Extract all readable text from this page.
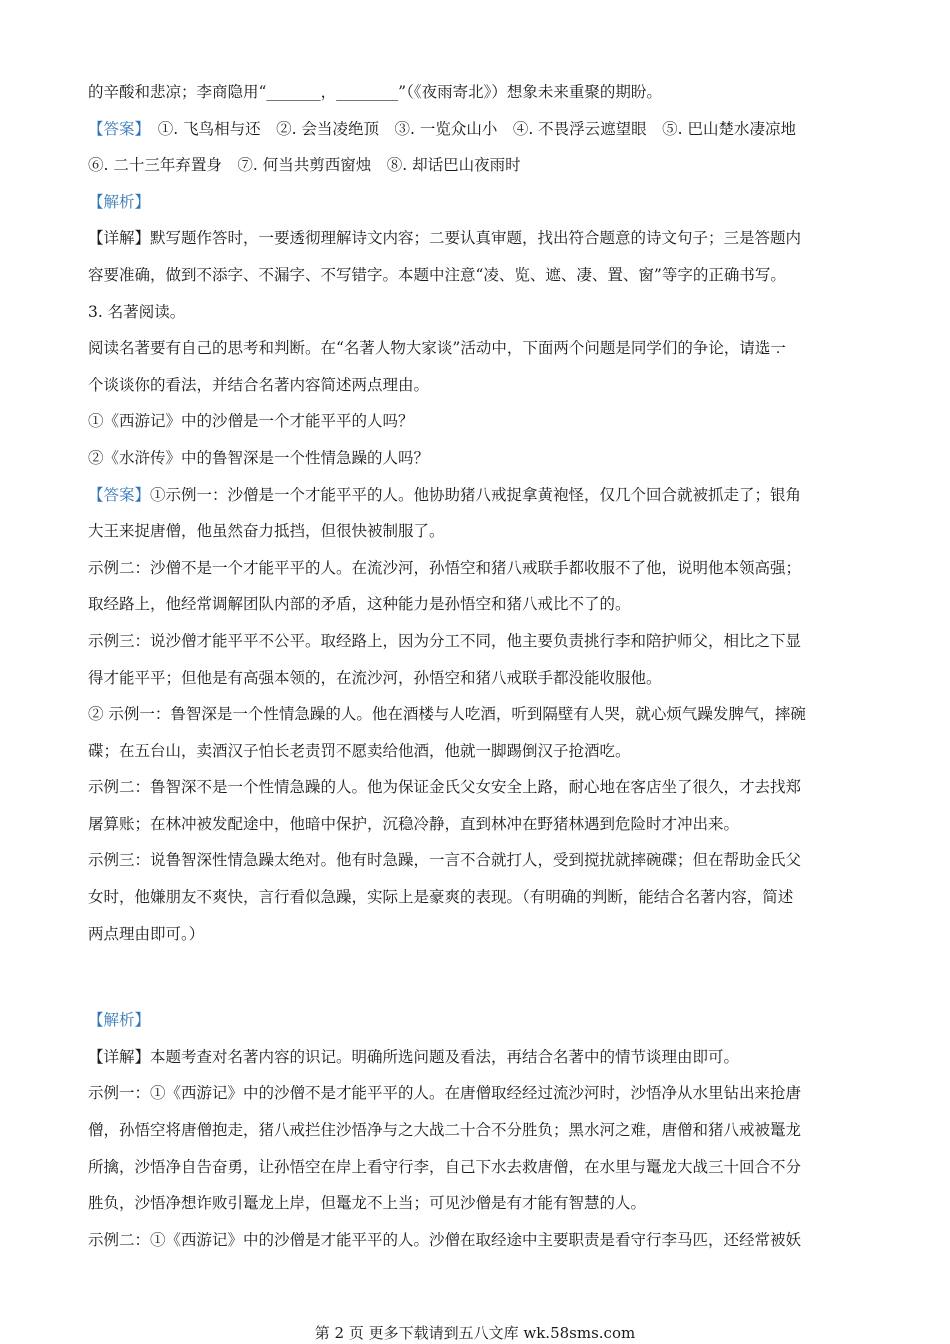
的辛酸和悲凉；李商隐用“_______，________”（《夜雨寄北》）想象未来重聚的期盼。
【答案】　①. 飞鸟相与还　②. 会当凌绝顶　③. 一览众山小　④. 不畏浮云遮望眼　⑤. 巴山楚水凄凉地
⑥. 二十三年弃置身　⑦. 何当共剪西窗烛　⑧. 却话巴山夜雨时
【解析】
【详解】默写题作答时，一要透彻理解诗文内容；二要认真审题，找出符合题意的诗文句子；三是答题内
容要准确，做到不添字、不漏字、不写错字。本题中注意“凌、览、遮、凄、置、窗”等字的正确书写。
3. 名著阅读。
阅读名著要有自己的思考和判断。在“名著人物大家谈”活动中，下面两个问题是同学们的争论，请选一
个谈谈你的看法，并结合名著内容简述两点理由。
①《西游记》中的沙僧是一个才能平平的人吗？
②《水浒传》中的鲁智深是一个性情急躁的人吗？
【答案】①示例一：沙僧是一个才能平平的人。他协助猪八戒捉拿黄袍怪，仅几个回合就被抓走了；银角
大王来捉唐僧，他虽然奋力抵挡，但很快被制服了。
示例二：沙僧不是一个才能平平的人。在流沙河，孙悟空和猪八戒联手都收服不了他，说明他本领高强；
取经路上，他经常调解团队内部的矛盾，这种能力是孙悟空和猪八戒比不了的。
示例三：说沙僧才能平平不公平。取经路上，因为分工不同，他主要负责挑行李和陪护师父，相比之下显
得才能平平；但他是有高强本领的，在流沙河，孙悟空和猪八戒联手都没能收服他。
② 示例一：鲁智深是一个性情急躁的人。他在酒楼与人吃酒，听到隔壁有人哭，就心烦气躁发脾气，摔碗
碟；在五台山，卖酒汉子怕长老责罚不愿卖给他酒，他就一脚踢倒汉子抢酒吃。
示例二：鲁智深不是一个性情急躁的人。他为保证金氏父女安全上路，耐心地在客店坐了很久，才去找郑
屠算账；在林冲被发配途中，他暗中保护，沉稳冷静，直到林冲在野猪林遇到危险时才冲出来。
示例三：说鲁智深性情急躁太绝对。他有时急躁，一言不合就打人，受到搅扰就摔碗碟；但在帮助金氏父
女时，他嫌朋友不爽快，言行看似急躁，实际上是豪爽的表现。（有明确的判断，能结合名著内容，简述
两点理由即可。）
【解析】
【详解】本题考查对名著内容的识记。明确所选问题及看法，再结合名著中的情节谈理由即可。
示例一：①《西游记》中的沙僧不是才能平平的人。在唐僧取经经过流沙河时，沙悟净从水里钻出来抢唐
僧，孙悟空将唐僧抱走，猪八戒拦住沙悟净与之大战二十合不分胜负；黑水河之难，唐僧和猪八戒被鼍龙
所擒，沙悟净自告奋勇，让孙悟空在岸上看守行李，自己下水去救唐僧，在水里与鼍龙大战三十回合不分
胜负，沙悟净想诈败引鼍龙上岸，但鼍龙不上当；可见沙僧是有才能有智慧的人。
示例二：①《西游记》中的沙僧是才能平平的人。沙僧在取经途中主要职责是看守行李马匹，还经常被妖
第 2 页 更多下载请到五八文库 wk.58sms.com
